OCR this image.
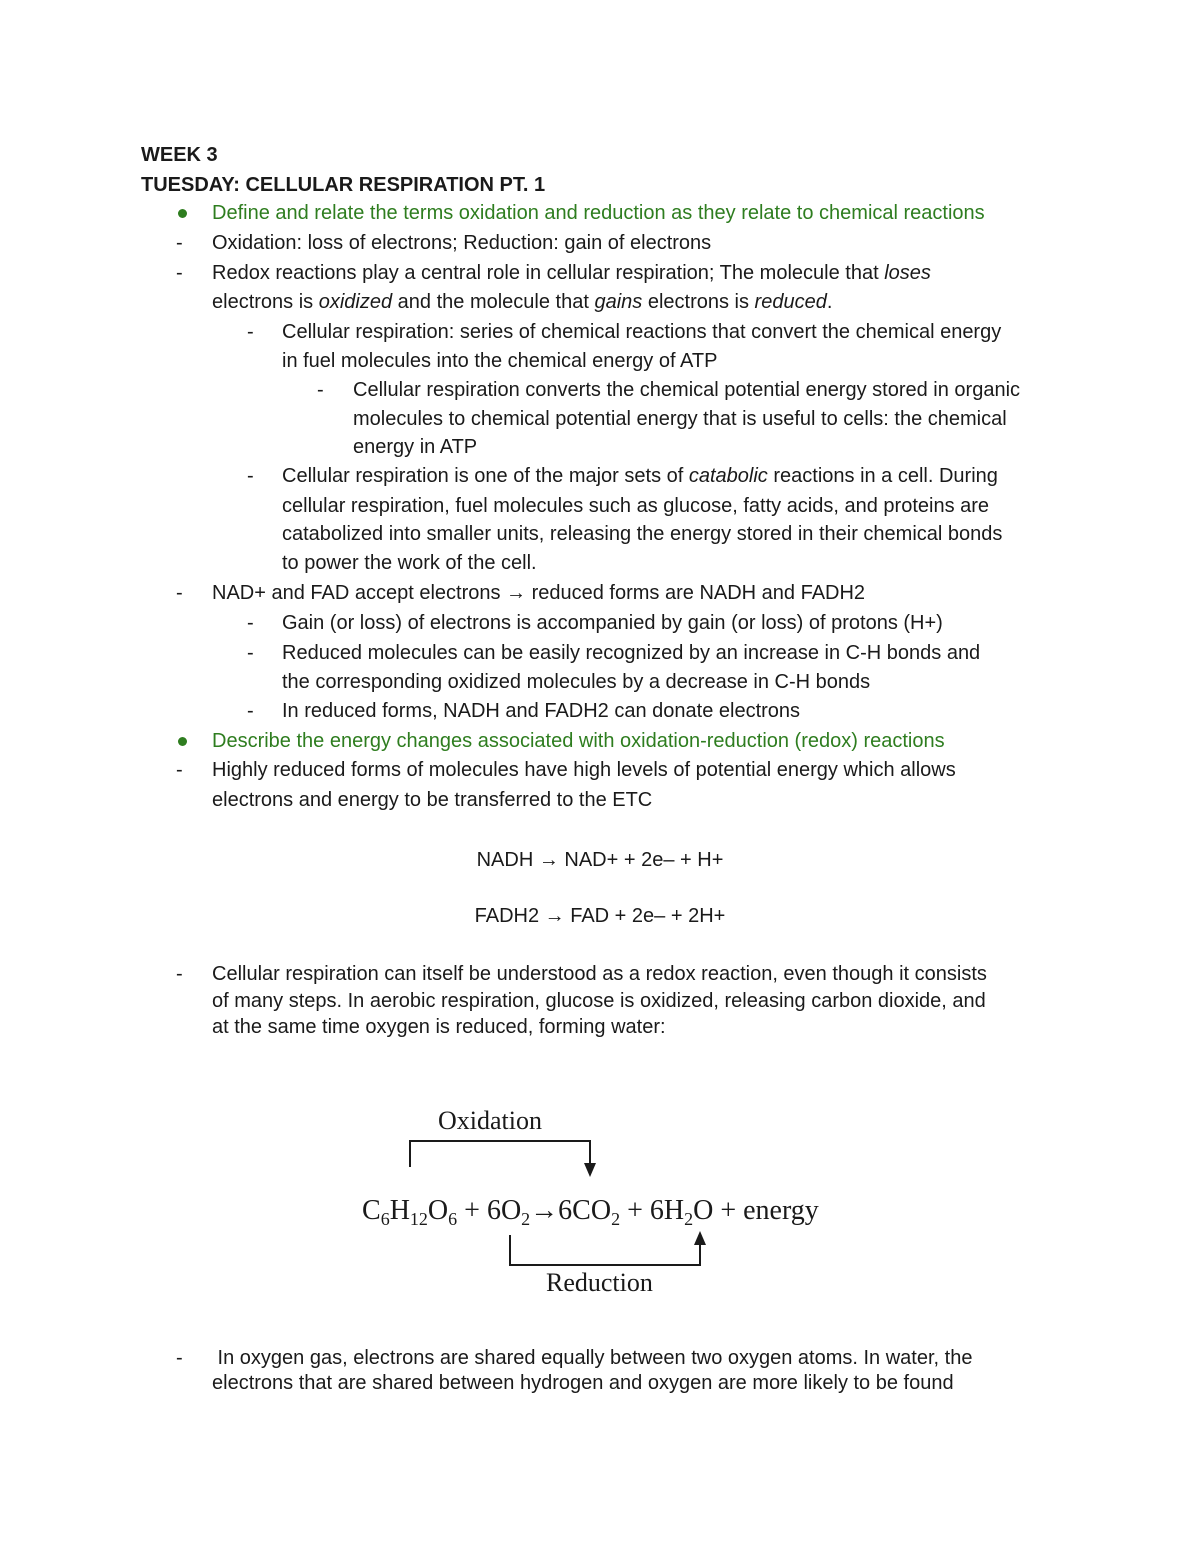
WEEK 3
TUESDAY: CELLULAR RESPIRATION PT. 1
Define and relate the terms oxidation and reduction as they relate to chemical reactions
- Oxidation: loss of electrons; Reduction: gain of electrons
- Redox reactions play a central role in cellular respiration; The molecule that loses
electrons is oxidized and the molecule that gains electrons is reduced.
- Cellular respiration: series of chemical reactions that convert the chemical energy
in fuel molecules into the chemical energy of ATP
- Cellular respiration converts the chemical potential energy stored in organic
molecules to chemical potential energy that is useful to cells: the chemical
energy in ATP
- Cellular respiration is one of the major sets of catabolic reactions in a cell. During
cellular respiration, fuel molecules such as glucose, fatty acids, and proteins are
catabolized into smaller units, releasing the energy stored in their chemical bonds
to power the work of the cell.
- NAD+ and FAD accept electrons → reduced forms are NADH and FADH2
- Gain (or loss) of electrons is accompanied by gain (or loss) of protons (H+)
- Reduced molecules can be easily recognized by an increase in C-H bonds and
the corresponding oxidized molecules by a decrease in C-H bonds
- In reduced forms, NADH and FADH2 can donate electrons
Describe the energy changes associated with oxidation-reduction (redox) reactions
- Highly reduced forms of molecules have high levels of potential energy which allows
electrons and energy to be transferred to the ETC
NADH → NAD+ + 2e– + H+
FADH2 → FAD + 2e– + 2H+
- Cellular respiration can itself be understood as a redox reaction, even though it consists
of many steps. In aerobic respiration, glucose is oxidized, releasing carbon dioxide, and
at the same time oxygen is reduced, forming water:
Oxidation
$C_6H_{12}O_6 + 6O_2\to 6CO_2 + 6H_2O$ + energy
Reduction
- In oxygen gas, electrons are shared equally between two oxygen atoms. In water, the
electrons that are shared between hydrogen and oxygen are more likely to be found
